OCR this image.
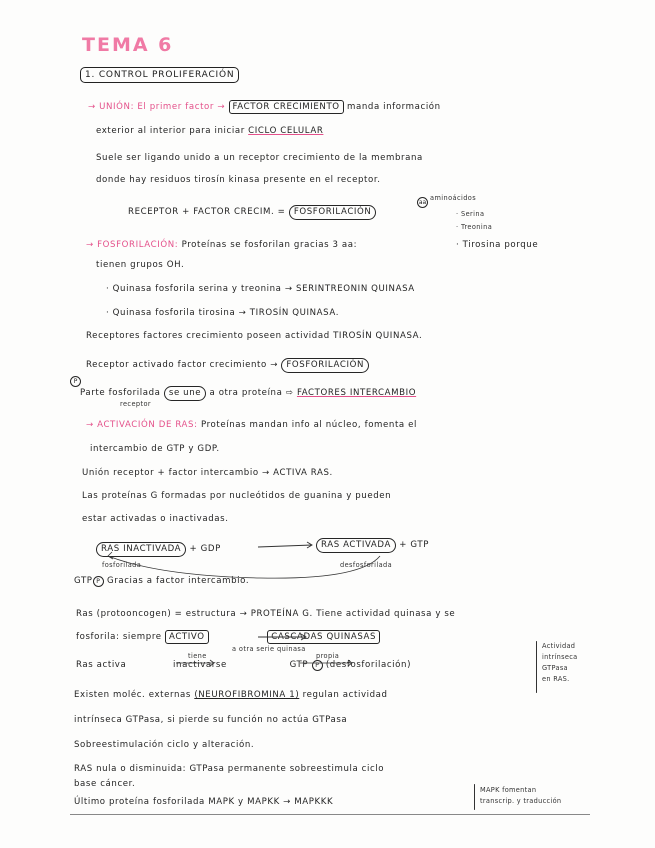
TEMA 6
1. CONTROL PROLIFERACIÓN
→ UNIÓN: El primer factor → FACTOR CRECIMIENTO manda información
exterior al interior para iniciar CICLO CELULAR
Suele ser ligando unido a un receptor crecimiento de la membrana
donde hay residuos tirosín kinasa presente en el receptor.
RECEPTOR + FACTOR CRECIM. = FOSFORILACIÓN
aa
aminoácidos
· Serina
· Treonina
→ FOSFORILACIÓN: Proteínas se fosforilan gracias 3 aa:	· Tirosina porque
tienen grupos OH.
· Quinasa fosforila serina y treonina → SERINTREONIN QUINASA
· Quinasa fosforila tirosina → TIROSÍN QUINASA.
Receptores factores crecimiento poseen actividad TIROSÍN QUINASA.
Receptor activado factor crecimiento → FOSFORILACIÓN
P
Parte fosforilada se une a otra proteína ⇨ FACTORES INTERCAMBIO
receptor
→ ACTIVACIÓN DE RAS: Proteínas mandan info al núcleo, fomenta el
intercambio de GTP y GDP.
Unión receptor + factor intercambio → ACTIVA RAS.
Las proteínas G formadas por nucleótidos de guanina y pueden
estar activadas o inactivadas.
RAS INACTIVADA + GDP	RAS ACTIVADA + GTP
fosforilada	desfosforilada
GTP P Gracias a factor intercambio.
Ras (protooncogen) = estructura → PROTEÍNA G. Tiene actividad quinasa y se
fosforila: siempre ACTIVO	CASCADAS QUINASAS
a otra serie quinasa
Ras activa	inactivarse	GTP P (desfosforilación)
tiene	propia
Actividad
intrínseca
GTPasa
en RAS.
Existen moléc. externas (NEUROFIBROMINA 1) regulan actividad
intrínseca GTPasa, si pierde su función no actúa GTPasa
Sobreestimulación ciclo y alteración.
RAS nula o disminuida: GTPasa permanente sobreestimula ciclo
base cáncer.
Último proteína fosforilada MAPK y MAPKK → MAPKKK
MAPK fomentan
transcrip. y traducción
